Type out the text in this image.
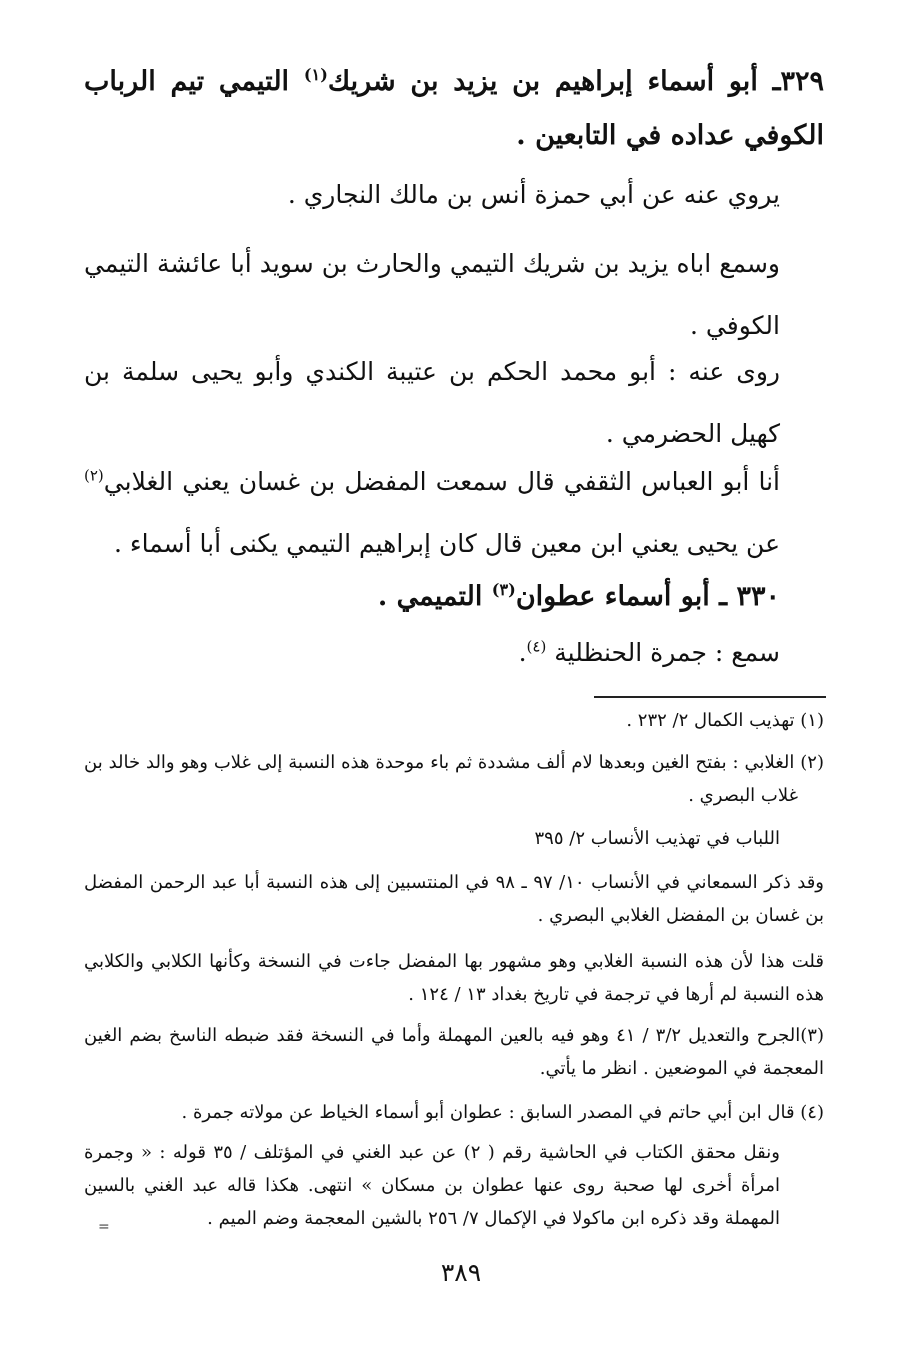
٣٢٩ـ أبو أسماء إبراهيم بن يزيد بن شريك$^{(١)}$ التيمي تيم الرباب الكوفي عداده في التابعين .
يروي عنه عن أبي حمزة أنس بن مالك النجاري .
وسمع اباه يزيد بن شريك التيمي والحارث بن سويد أبا عائشة التيمي الكوفي .
روى عنه : أبو محمد الحكم بن عتيبة الكندي وأبو يحيى سلمة بن كهيل الحضرمي .
أنا أبو العباس الثقفي قال سمعت المفضل بن غسان يعني الغلابي$^{(٢)}$ عن يحيى يعني ابن معين قال كان إبراهيم التيمي يكنى أبا أسماء .
٣٣٠ ـ أبو أسماء عطوان$^{(٣)}$ التميمي .
سمع : جمرة الحنظلية $^{(٤)}$.
(١) تهذيب الكمال ٢/ ٢٣٢ .
(٢) الغلابي : بفتح الغين وبعدها لام ألف مشددة ثم باء موحدة هذه النسبة إلى غلاب وهو والد خالد بن غلاب البصري .
اللباب في تهذيب الأنساب ٢/ ٣٩٥
وقد ذكر السمعاني في الأنساب ١٠/ ٩٧ ـ ٩٨ في المنتسبين إلى هذه النسبة أبا عبد الرحمن المفضل بن غسان بن المفضل الغلابي البصري .
قلت هذا لأن هذه النسبة الغلابي وهو مشهور بها المفضل جاءت في النسخة وكأنها الكلابي والكلابي هذه النسبة لم أرها في ترجمة في تاريخ بغداد ١٣ / ١٢٤ .
(٣)الجرح والتعديل ٣/٢ / ٤١ وهو فيه بالعين المهملة وأما في النسخة فقد ضبطه الناسخ بضم الغين المعجمة في الموضعين . انظر ما يأتي.
(٤) قال ابن أبي حاتم في المصدر السابق : عطوان أبو أسماء الخياط عن مولاته جمرة .
ونقل محقق الكتاب في الحاشية رقم ( ٢) عن عبد الغني في المؤتلف / ٣٥ قوله : « وجمرة امرأة أخرى لها صحبة روى عنها عطوان بن مسكان » انتهى. هكذا قاله عبد الغني بالسين المهملة وقد ذكره ابن ماكولا في الإكمال ٧/ ٢٥٦ بالشين المعجمة وضم الميم .
=
٣٨٩
